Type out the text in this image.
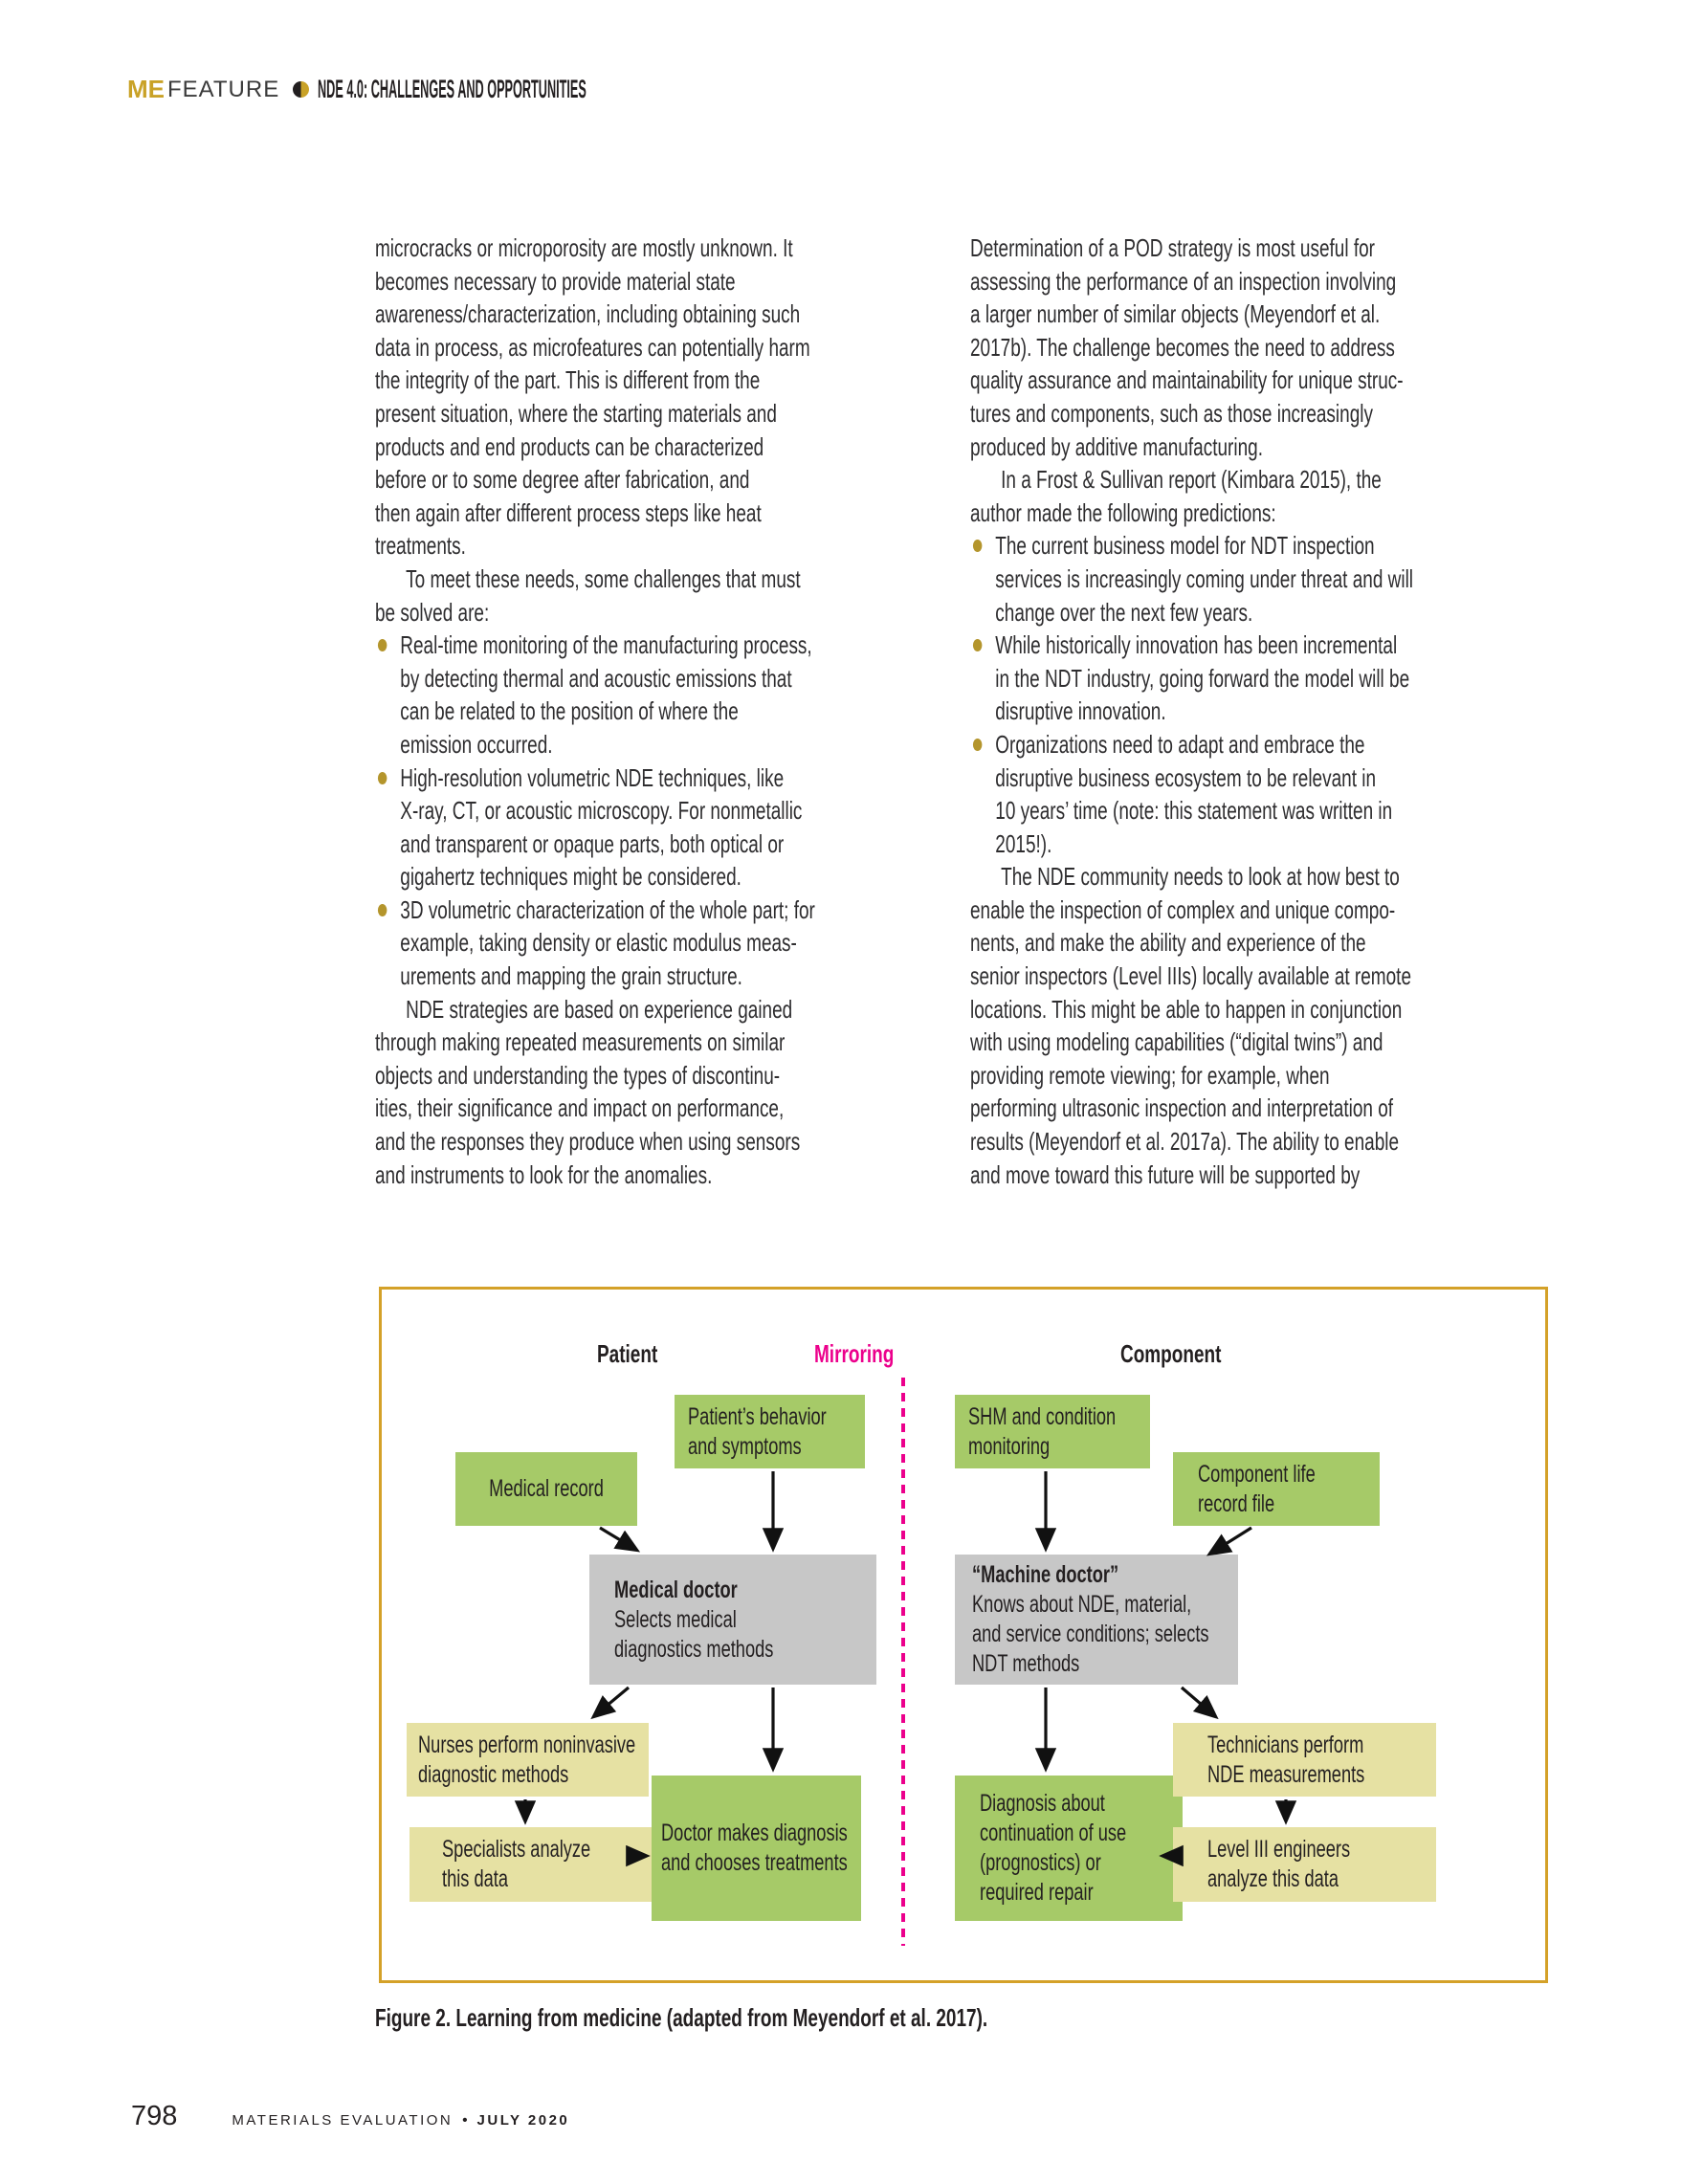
ME FEATURE NDE 4.0: CHALLENGES AND OPPORTUNITIES
microcracks or microporosity are mostly unknown. It
becomes necessary to provide material state
awareness/characterization, including obtaining such
data in process, as microfeatures can potentially harm
the integrity of the part. This is different from the
present situation, where the starting materials and
products and end products can be characterized
before or to some degree after fabrication, and
then again after different process steps like heat
treatments.
To meet these needs, some challenges that must
be solved are:
Real-time monitoring of the manufacturing process,
by detecting thermal and acoustic emissions that
can be related to the position of where the
emission occurred.
High-resolution volumetric NDE techniques, like
X-ray, CT, or acoustic microscopy. For nonmetallic
and transparent or opaque parts, both optical or
gigahertz techniques might be considered.
3D volumetric characterization of the whole part; for
example, taking density or elastic modulus meas-
urements and mapping the grain structure.
NDE strategies are based on experience gained
through making repeated measurements on similar
objects and understanding the types of discontinu-
ities, their significance and impact on performance,
and the responses they produce when using sensors
and instruments to look for the anomalies.
Determination of a POD strategy is most useful for
assessing the performance of an inspection involving
a larger number of similar objects (Meyendorf et al.
2017b). The challenge becomes the need to address
quality assurance and maintainability for unique struc-
tures and components, such as those increasingly
produced by additive manufacturing.
In a Frost & Sullivan report (Kimbara 2015), the
author made the following predictions:
The current business model for NDT inspection
services is increasingly coming under threat and will
change over the next few years.
While historically innovation has been incremental
in the NDT industry, going forward the model will be
disruptive innovation.
Organizations need to adapt and embrace the
disruptive business ecosystem to be relevant in
10 years’ time (note: this statement was written in
2015!).
The NDE community needs to look at how best to
enable the inspection of complex and unique compo-
nents, and make the ability and experience of the
senior inspectors (Level IIIs) locally available at remote
locations. This might be able to happen in conjunction
with using modeling capabilities (“digital twins”) and
providing remote viewing; for example, when
performing ultrasonic inspection and interpretation of
results (Meyendorf et al. 2017a). The ability to enable
and move toward this future will be supported by
Patient	Mirroring	Component
Patient’s behavior
and symptoms
SHM and condition
monitoring
Medical record
Component life
record file
Medical doctor
Selects medical
diagnostics methods
“Machine doctor”
Knows about NDE, material,
and service conditions; selects
NDT methods
Nurses perform noninvasive
diagnostic methods
Specialists analyze
this data
Doctor makes diagnosis
and chooses treatments
Diagnosis about
continuation of use
(prognostics) or
required repair
Technicians perform
NDE measurements
Level III engineers
analyze this data
Figure 2. Learning from medicine (adapted from Meyendorf et al. 2017).
798	MATERIALS EVALUATION • JULY 2020
